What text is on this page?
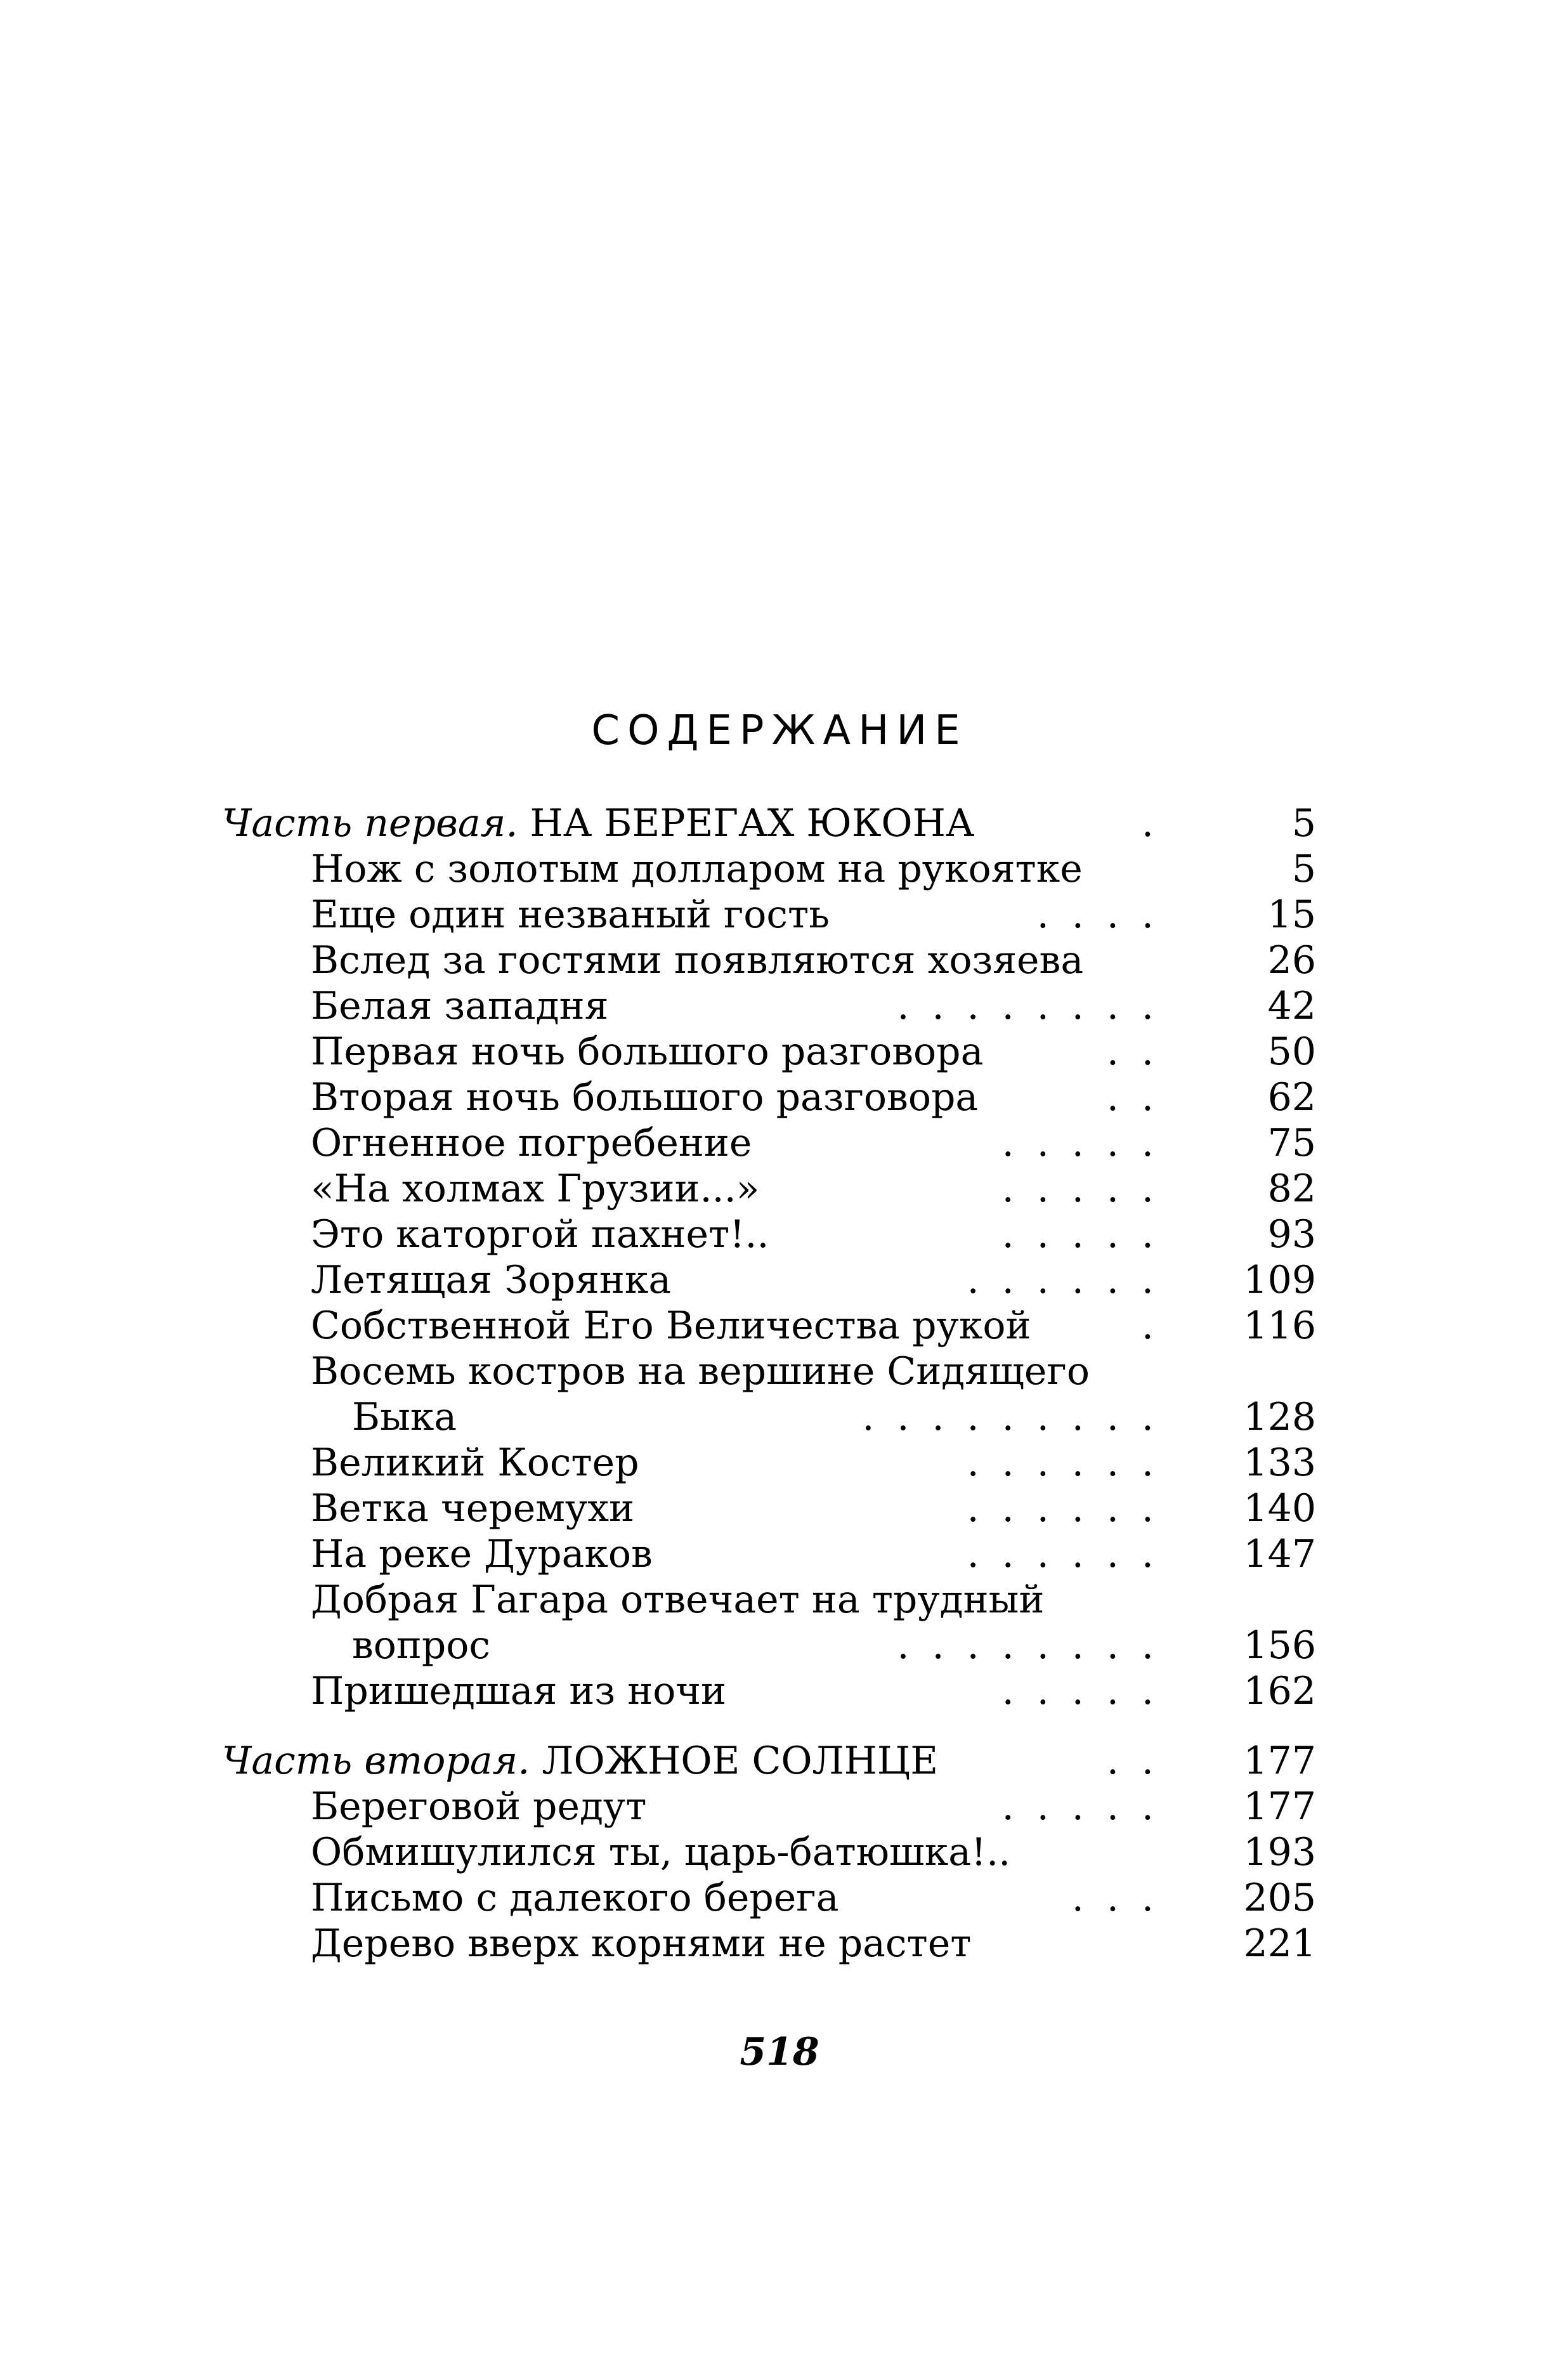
СОДЕРЖАНИЕ
Часть первая. НА БЕРЕГАХ ЮКОНА	.	5
Нож с золотым долларом на рукоятке	5
Еще один незваный гость	.... 15
Вслед за гостями появляются хозяева	26
Белая западня	........ 42
Первая ночь большого разговора	.. 50
Вторая ночь большого разговора	.. 62
Огненное погребение	..... 75
«На холмах Грузии...»	..... 82
Это каторгой пахнет!..	..... 93
Летящая Зорянка	...... 109
Собственной Его Величества рукой	. 116
Восемь костров на вершине Сидящего
Быка	......... 128
Великий Костер	...... 133
Ветка черемухи	...... 140
На реке Дураков	...... 147
Добрая Гагара отвечает на трудный
вопрос	........ 156
Пришедшая из ночи	..... 162
Часть вторая. ЛОЖНОЕ СОЛНЦЕ	.. 177
Береговой редут	..... 177
Обмишулился ты, царь-батюшка!..	193
Письмо с далекого берега	... 205
Дерево вверх корнями не растет	221
518
